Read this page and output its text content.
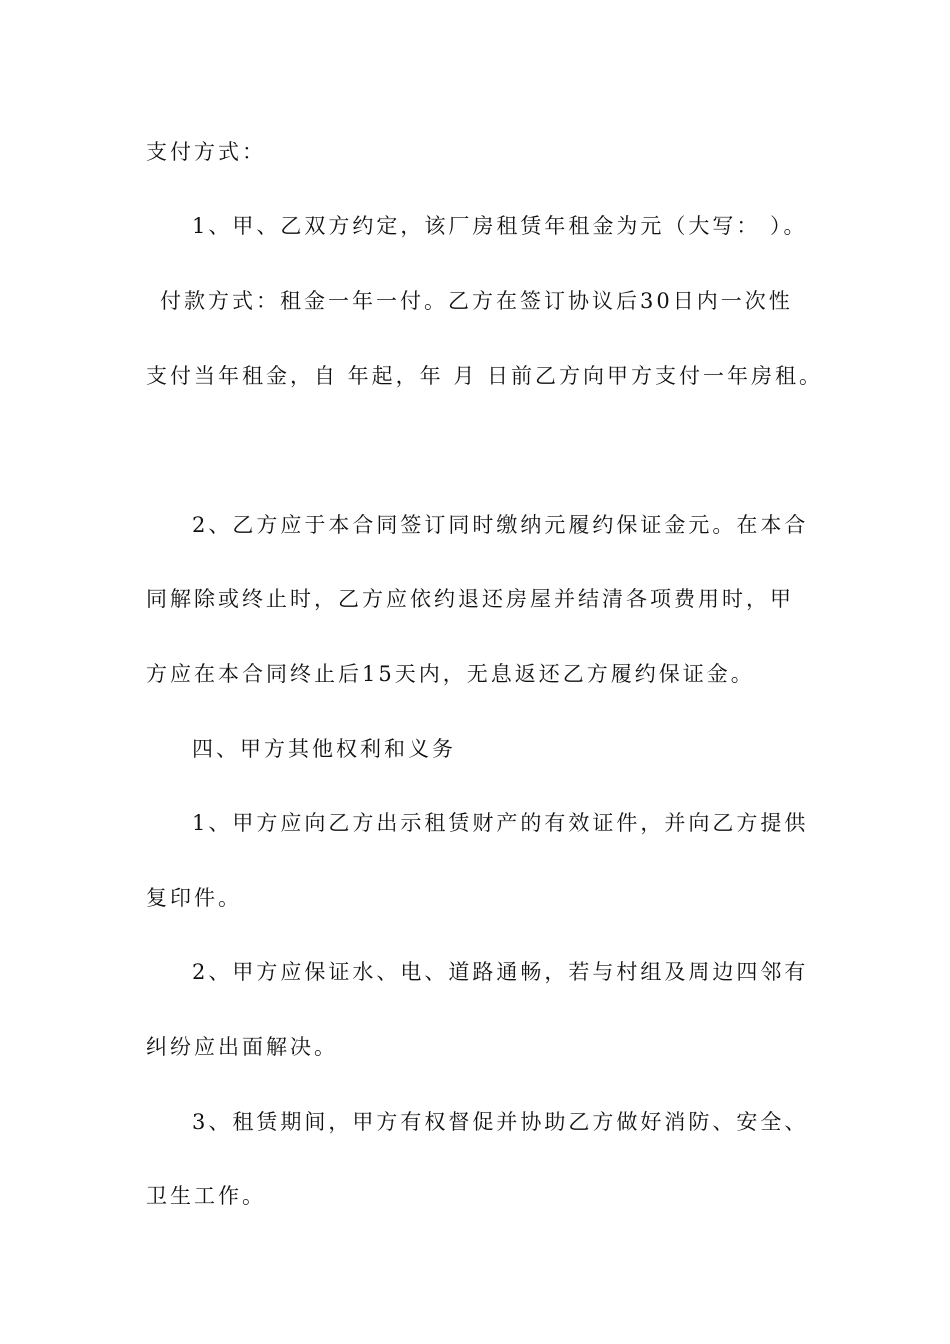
支付方式：
1、甲、乙双方约定，该厂房租赁年租金为元（大写： ）。
付款方式：租金一年一付。乙方在签订协议后30日内一次性
支付当年租金，自 年起，年 月 日前乙方向甲方支付一年房租。
2、乙方应于本合同签订同时缴纳元履约保证金元。在本合
同解除或终止时，乙方应依约退还房屋并结清各项费用时，甲
方应在本合同终止后15天内，无息返还乙方履约保证金。
四、甲方其他权利和义务
1、甲方应向乙方出示租赁财产的有效证件，并向乙方提供
复印件。
2、甲方应保证水、电、道路通畅，若与村组及周边四邻有
纠纷应出面解决。
3、租赁期间，甲方有权督促并协助乙方做好消防、安全、
卫生工作。
